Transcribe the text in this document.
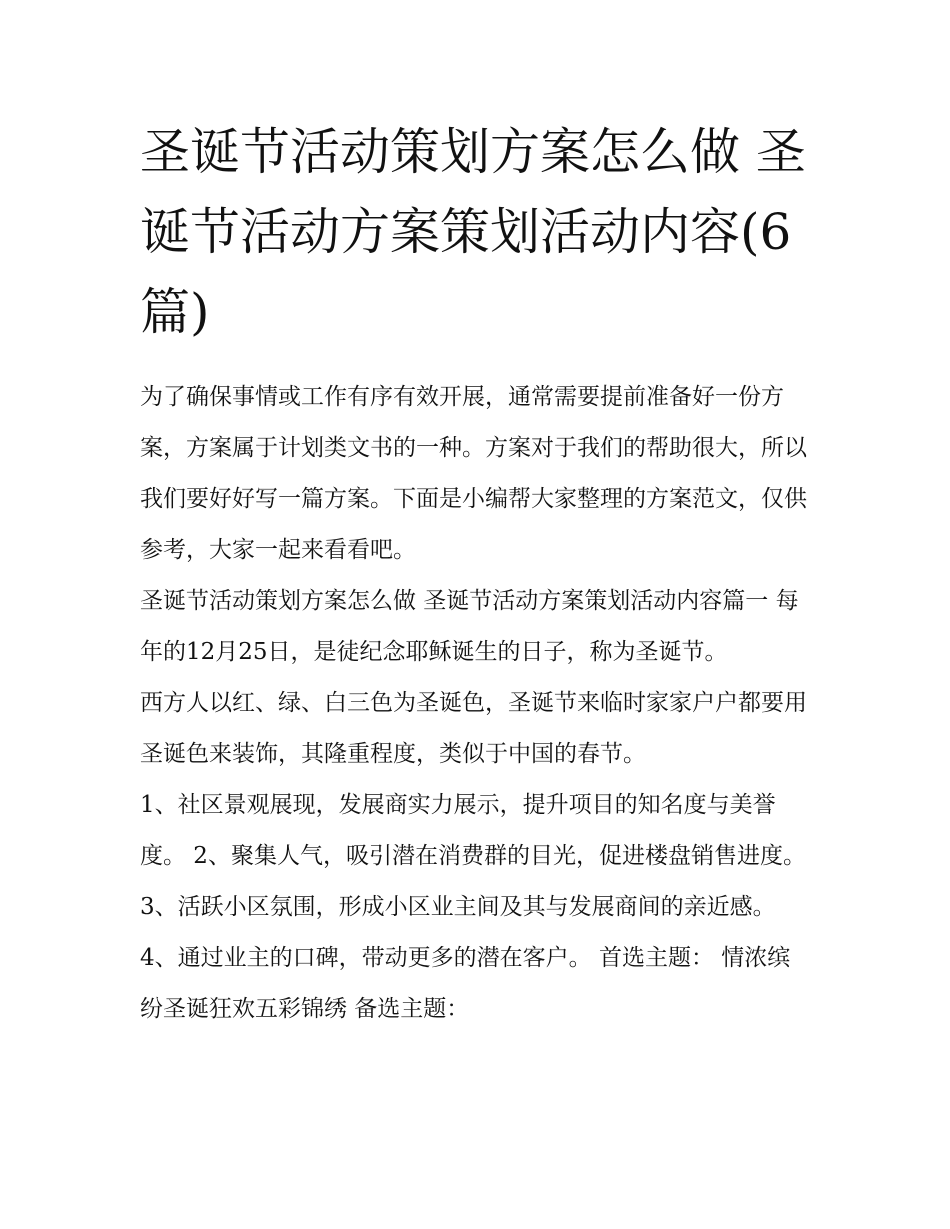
圣诞节活动策划方案怎么做 圣诞节活动方案策划活动内容(6篇)

为了确保事情或工作有序有效开展，通常需要提前准备好一份方案，方案属于计划类文书的一种。方案对于我们的帮助很大，所以我们要好好写一篇方案。下面是小编帮大家整理的方案范文，仅供参考，大家一起来看看吧。

圣诞节活动策划方案怎么做 圣诞节活动方案策划活动内容篇一 每年的12月25日，是徒纪念耶稣诞生的日子，称为圣诞节。

西方人以红、绿、白三色为圣诞色，圣诞节来临时家家户户都要用圣诞色来装饰，其隆重程度，类似于中国的春节。

1、社区景观展现，发展商实力展示，提升项目的知名度与美誉度。 2、聚集人气，吸引潜在消费群的目光，促进楼盘销售进度。

3、活跃小区氛围，形成小区业主间及其与发展商间的亲近感。 4、通过业主的口碑，带动更多的潜在客户。 首选主题： 情浓缤纷圣诞狂欢五彩锦绣 备选主题：
